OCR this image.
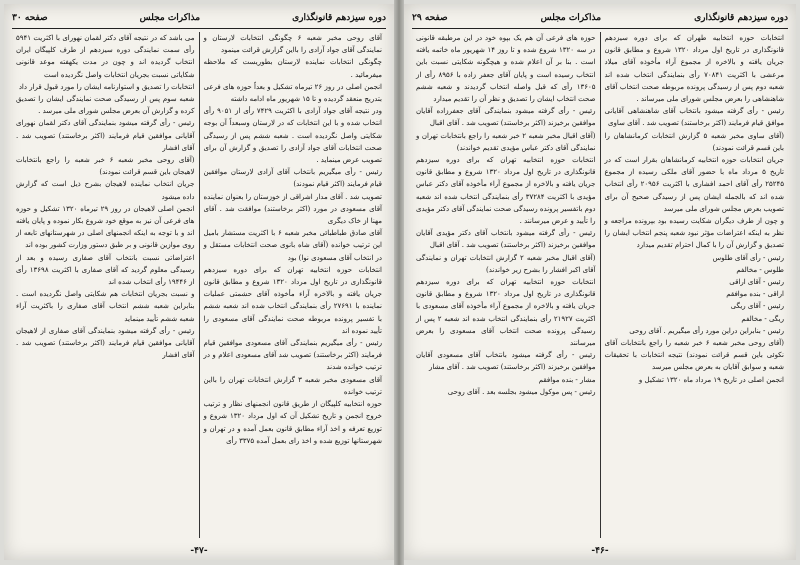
دوره سیزدهم قانونگذاری
مذاکرات مجلس
صفحه ۳۰

آقای روحی مخبر شعبه ۶ چگونگی انتخابات لارستان و نمایندگی آقای جواد آزادی را بااین گزارش قرائت مینمود

چگونگی انتخابات نماینده لارستان بطوریست که ملاحظه میفرمائید .

انجمن اصلی در روز ۲۶ تیرماه تشکیل و بعداً حوزه های فرعی بتدریج منعقد گردیده و تا ۱۵ شهریور ماه ادامه داشته

ودر نتیجه آقای جواد آزادی با اکثریت ۷۴۲۹ رأی از ۹۰۵۱ رأی انتخاب شده و با این انتخابات که در لارستان وسبعداً آن بوجه شکایتی واصل نگردیده است . شعبه ششم پس از رسیدگی صحت انتخابات آقای جواد آزادی را تصدیق و گزارش آن برای تصویب عرض مینماید .

رئیس - رأی میگیریم بانتخاب آقای آزادی لارستان موافقین قیام فرمایند (اکثر قیام نمودند)

تصویب شد . آقای مدار اشراقی از خوزستان را بعنوان نماینده آقای مسعودی در مورد (اکثر برخاستند) موافقت شد . آقای مهنا از خاک دیگری

آقای صادق طباطبائی مخبر شعبه ۶ با اکثریت مستشار بامیل این ترتیب خوانده (آقای شاه بانوی صحت انتخابات مستقل و در انتخاب آقای مسعودی نوا) بود

انتخابات حوزه انتخابیه تهران که برای دوره سیزدهم قانونگذاری در تاریخ اول مرداد ۱۳۲۰ شروع و مطابق قانون جریان یافته و بالاخره آراء مأخوذه آقای حشمتی عملیات نماینده با ۲۷۶۹۱ رأی بنمایندگی انتخاب شده اند شعبه ششم با تفسیر پرونده مربوطه صحت نمایندگی آقای مسعودی را تأیید نموده اند

رئیس - رأی میگیریم بنمایندگی آقای مسعودی موافقین قیام فرمایند (اکثر برخاستند) تصویب شد آقای مسعودی اعلام و در ترتیب خوانده شدند

آقای مسعودی مخبر شعبه ۳ گزارش انتخابات تهران را بااین ترتیب خوانده

حوزه انتخابیه کلپیگان از طریق قانون انجمنهای نظار و ترتیب خروج انجمن و تاریخ تشکیل آن که اول مرداد ۱۳۲۰ شروع و توزیع تعرفه و اخذ آراء مطابق قانون بعمل آمده و در تهران و شهرستانها توزیع شده و اخذ رای بعمل آمده ۳۳۷۵ رأی

می باشد که در نتیجه آقای دکتر لقمان نهورای با اکثریت ۵۹۴۱ رأی سمت نمایندگی دوره سیزدهم از طرف کلپیگان ایران انتخاب گردیده اند و چون در مدت یکهفته موعد قانونی شکایاتی نسبت بجریان انتخابات واصل نگردیده است

انتخابات را تصدیق و استوارنامه ایشان را مورد قبول قرار داد

شعبه سوم پس از رسیدگی صحت نمایندگی ایشان را تصدیق کرده و گزارش آن بعرض مجلس شورای ملی میرسد .

رئیس - رأی گرفته میشود بنمایندگی آقای دکتر لقمان نهورای آقایانی موافقین قیام فرمایند (اکثر برخاستند) تصویب شد . آقای افشار

(آقای روحی مخبر شعبه ۶ خبر شعبه را راجع بانتخابات لاهیجان باین قسم قرائت نمودند)

جریان انتخاب نماینده لاهیجان بشرح ذیل است که گزارش داده میشود

انجمن اصلی لاهیجان در روز ۲۹ تیرماه ۱۳۲۰ تشکیل و حوزه های فرعی آن نیز به موقع خود شروع بکار نموده و پایان یافته اند و با توجه به اینکه انجمنهای اصلی در شهرستانهای تابعه از روی موازین قانونی و بر طبق دستور وزارت کشور بوده اند

اعتراضاتی نسبت بانتخاب آقای صفاری رسیده و بعد از رسیدگی معلوم گردید که آقای صفاری با اکثریت ۱۳۶۹۸ رأی از ۱۹۴۴۶ رأی انتخاب شده اند

و نسبت بجریان انتخابات هم شکایتی واصل نگردیده است . بنابراین شعبه ششم انتخاب آقای صفاری را باکثریت آراء شعبه ششم تأیید مینماید

رئیس - رأی گرفته میشود بنمایندگی آقای صفاری از لاهیجان آقایانی موافقین قیام فرمایند (اکثر برخاستند) تصویب شد . آقای افشار

-۴۷-
دوره سیزدهم قانونگذاری
مذاکرات مجلس
صفحه ۲۹

انتخابات حوزه انتخابیه طهران که برای دوره سیزدهم قانونگذاری در تاریخ اول مرداد ۱۳۲۰ شروع و مطابق قانون جریان یافته و بالاخره از مجموع آراء مأخوذه آقای میلاد مرعشی با اکثریت ۷۰۸۴۱ رأی بنمایندگی انتخاب شده اند شعبه دوم پس از رسیدگی پرونده مربوطه صحت انتخاب آقای شاهنشاهی را بعرض مجلس شورای ملی میرساند .

رئیس - رأی گرفته میشود بانتخاب آقای شاهنشاهی آقایانی موافق قیام فرمایند (اکثر برخاستند) تصویب شد . آقای ساوی

(آقای ساوی مخبر شعبه ۵ گزارش انتخابات کرمانشاهان را باین قسم قرائت نمودند)

جریان انتخابات حوزه انتخابیه کرمانشاهان بقرار است که در تاریخ ۵ مرداد ماه با حضور آقای ملکی رسیده از مجموع ۲۵۲۴۵ رأی آقای احمد افشاری با اکثریت ۲۰۹۵۶ رأی انتخاب شده اند که بالجمله ایشان پس از رسیدگی صحیح آن برای تصویب بعرض مجلس شورای ملی میرسد

و چون از طرف دیگران شکایت رسیده بود بپرونده مراجعه و نظر به اینکه اعتراضات مؤثر نبود شعبه پنجم انتخاب ایشان را تصدیق و گزارش آن را با کمال احترام تقدیم میدارد

رئیس - رأی آقای طلوس

طلوس - مخالفم

رئیس - آقای اراقی

اراقی - بنده موافقم

رئیس - آقای ریگی

ریگی - مخالفم

رئیس - بنابراین دراین مورد رأی میگیریم . آقای روحی

(آقای روحی مخبر شعبه ۶ خبر شعبه را راجع بانتخابات آقای نکوئی باین قسم قرائت نمودند) نتیجه انتخابات با تحقیقات شعبه و سوابق آقایان به بعرض مجلس میرسد

انجمن اصلی در تاریخ ۱۹ مرداد ماه ۱۳۲۰ تشکیل و

حوزه های فرعی آن هم یک بپوه خود در این مرطبقه قانونی در سه ۱۳۲۰ شروع شده و تا روز ۱۴ شهریور ماه خاتمه یافته است . بنا بر آن اعلام شده و هیچگونه شکایتی نسبت باین انتخاب رسیده است و پایان آقای جعفر زاده با ۸۹۵۶ رأی از ۱۳۶۰۵ رأی که قبل واصله انتخاب گردیدند و شعبه ششم صحت انتخاب ایشان را تصدیق و نظر آن را تقدیم میدارد

رئیس - رأی گرفته میشود بنمایندگی آقای جعفرزاده آقایان موافقین برخیزند (اکثر برخاستند) تصویب شد . آقای اقبال

(آقای اقبال مخبر شعبه ۲ خبر شعبه را راجع بانتخابات تهران و نمایندگی آقای دکتر عباس مؤیدی تقدیم خواندند)

انتخابات حوزه انتخابیه تهران که برای دوره سیزدهم قانونگذاری در تاریخ اول مرداد ۱۳۲۰ شروع و مطابق قانون جریان یافته و بالاخره از مجموع آراء مأخوذه آقای دکتر عباس مؤیدی با اکثریت ۳۷۲۸۴ رأی بنمایندگی انتخاب شده اند شعبه دوم باتفسیر پرونده رسیدگی صحت نمایندگی آقای دکتر مؤیدی را تأیید و عرض میرسانند .

رئیس - رأی گرفته میشود بانتخاب آقای دکتر مؤیدی آقایان موافقین برخیزند (اکثر برخاستند) تصویب شد . آقای اقبال

(آقای اقبال مخبر شعبه ۲ گزارش انتخابات تهران و نمایندگی آقای اکبر افشار را بشرح زیر خواندند)

انتخابات حوزه انتخابیه تهران که برای دوره سیزدهم قانونگذاری در تاریخ اول مرداد ۱۳۲۰ شروع و مطابق قانون جریان یافته و بالاخره از مجموع آراء مأخوذه آقای مسعودی با اکثریت ۲۱۹۲۷ رأی بنمایندگی انتخاب شده اند شعبه ۲ پس از رسیدگی پرونده صحت انتخاب آقای مسعودی را بعرض میرسانند

رئیس - رأی گرفته میشود بانتخاب آقای مسعودی آقایان موافقین برخیزند (اکثر برخاستند) تصویب شد . آقای مشار

مشار - بنده موافقم

رئیس - پس موکول میشود بجلسه بعد . آقای روحی

-۴۶-
